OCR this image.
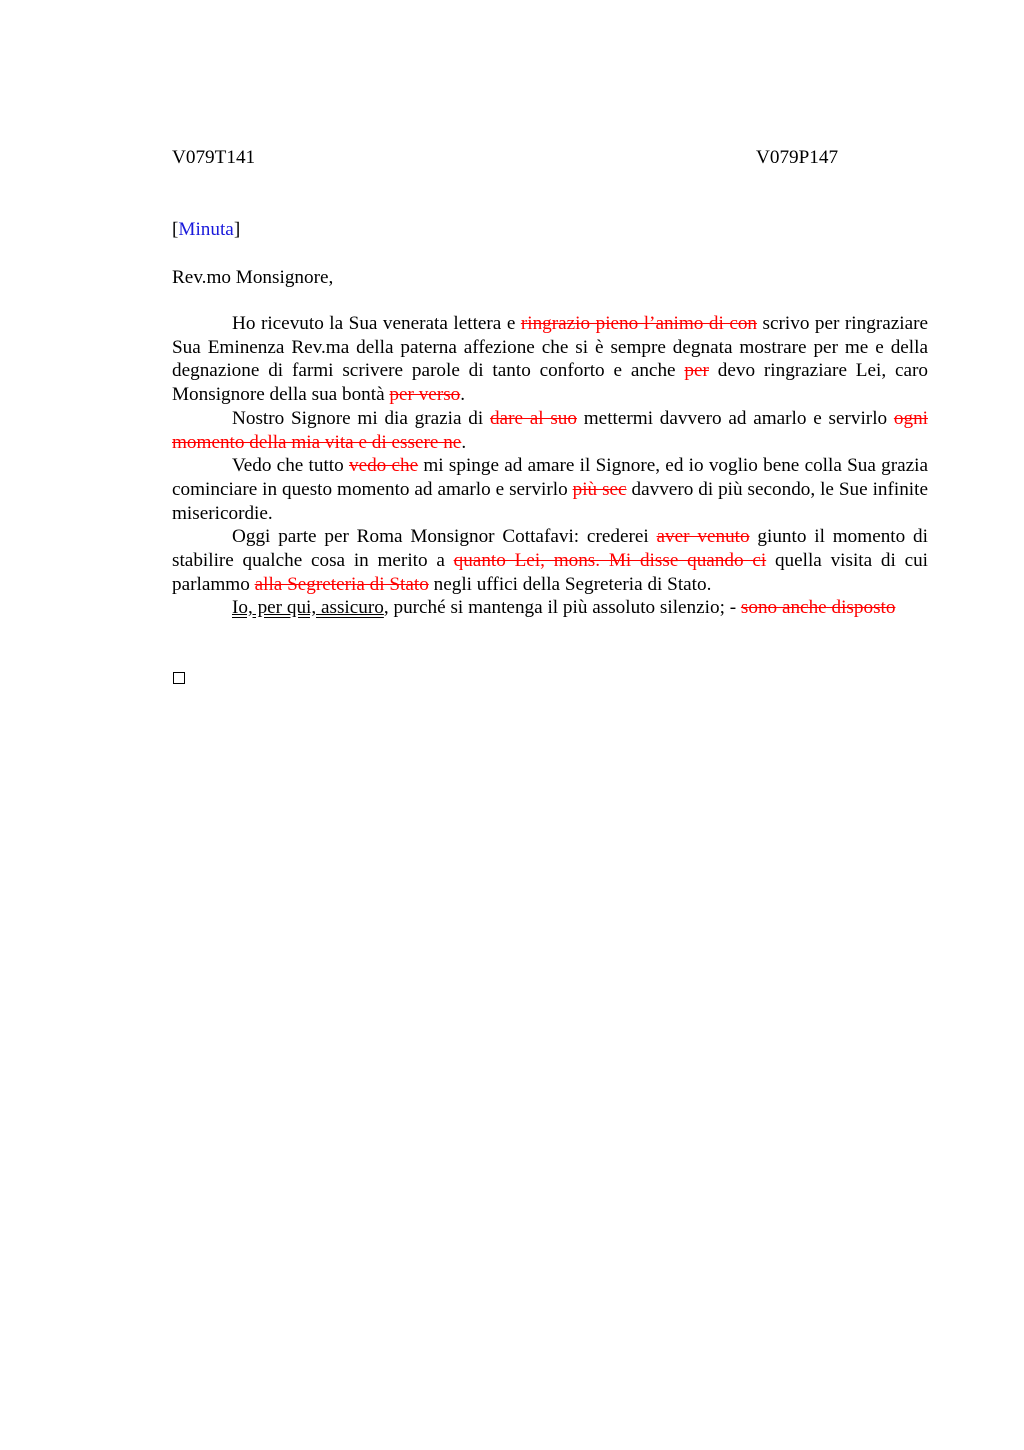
V079T141	V079P147
[Minuta]
Rev.mo Monsignore,

Ho ricevuto la Sua venerata lettera e ringrazio pieno l’animo di con scrivo per ringraziare Sua Eminenza Rev.ma della paterna affezione che si è sempre degnata mostrare per me e della degnazione di farmi scrivere parole di tanto conforto e anche per devo ringraziare Lei, caro Monsignore della sua bontà per verso.

Nostro Signore mi dia grazia di dare al suo mettermi davvero ad amarlo e servirlo ogni momento della mia vita e di essere ne.

Vedo che tutto vedo che mi spinge ad amare il Signore, ed io voglio bene colla Sua grazia cominciare in questo momento ad amarlo e servirlo più sec davvero di più secondo, le Sue infinite misericordie.

Oggi parte per Roma Monsignor Cottafavi: crederei aver venuto giunto il momento di stabilire qualche cosa in merito a quanto Lei, mons. Mi disse quando ci quella visita di cui parlammo alla Segreteria di Stato negli uffici della Segreteria di Stato.

Io, per qui, assicuro, purché si mantenga il più assoluto silenzio; - sono anche disposto
